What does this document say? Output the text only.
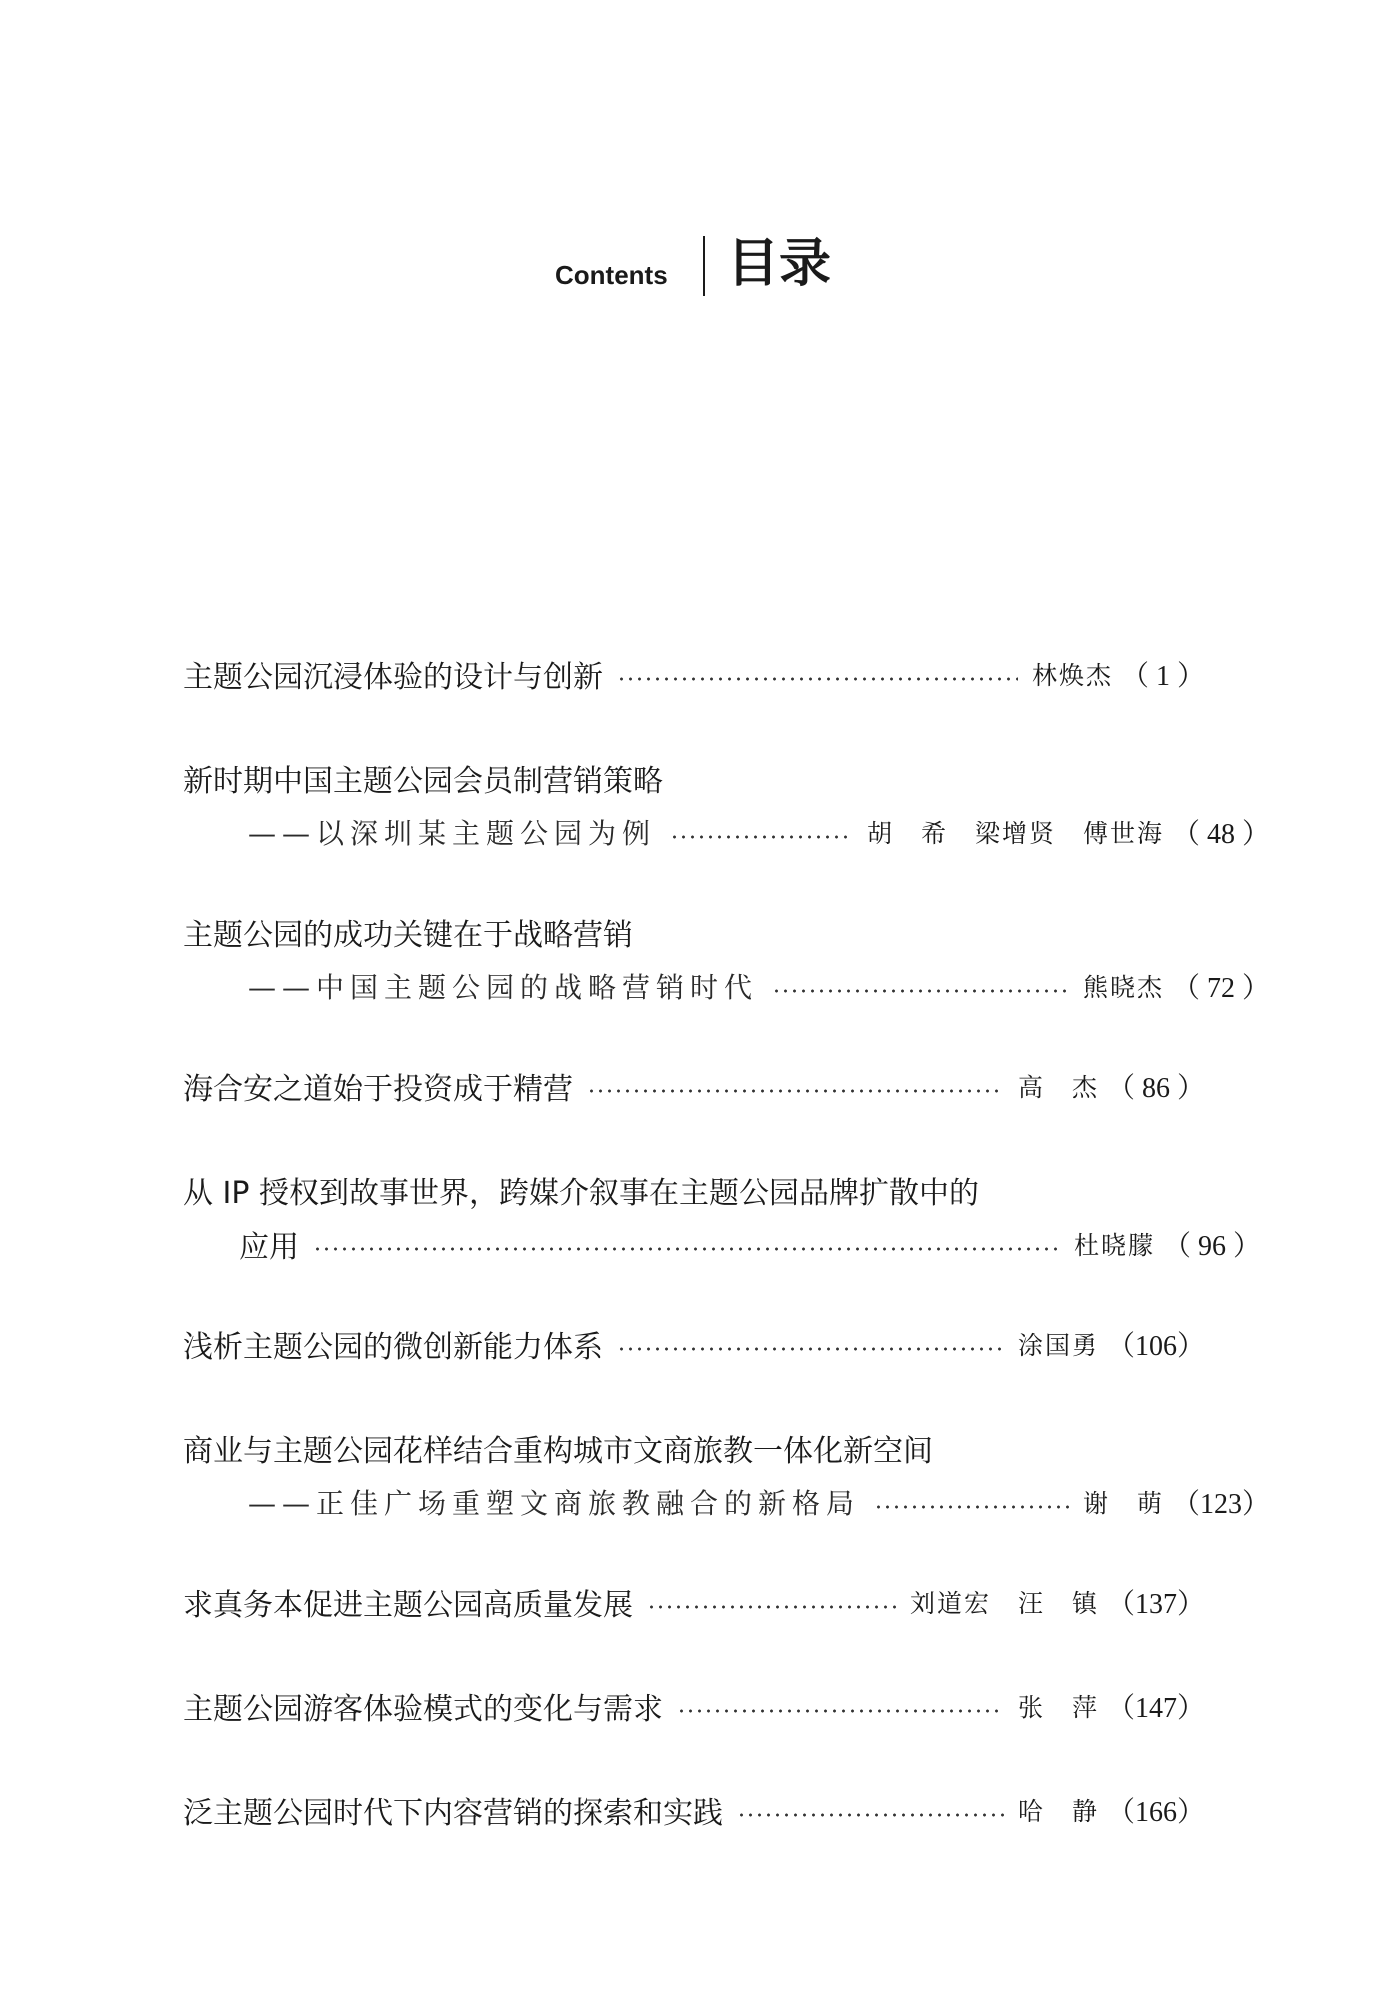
Contents 目录
主题公园沉浸体验的设计与创新	林焕杰 （ 1 ）
新时期中国主题公园会员制营销策略
——以深圳某主题公园为例	胡　希　梁增贤　傅世海 （ 48 ）
主题公园的成功关键在于战略营销
——中国主题公园的战略营销时代	熊晓杰 （ 72 ）
海合安之道始于投资成于精营	高　杰 （ 86 ）
从 IP 授权到故事世界，跨媒介叙事在主题公园品牌扩散中的
应用	杜晓朦 （ 96 ）
浅析主题公园的微创新能力体系	涂国勇 （106）
商业与主题公园花样结合重构城市文商旅教一体化新空间
——正佳广场重塑文商旅教融合的新格局	谢　萌 （123）
求真务本促进主题公园高质量发展	刘道宏　汪　镇 （137）
主题公园游客体验模式的变化与需求	张　萍 （147）
泛主题公园时代下内容营销的探索和实践	哈　静 （166）
